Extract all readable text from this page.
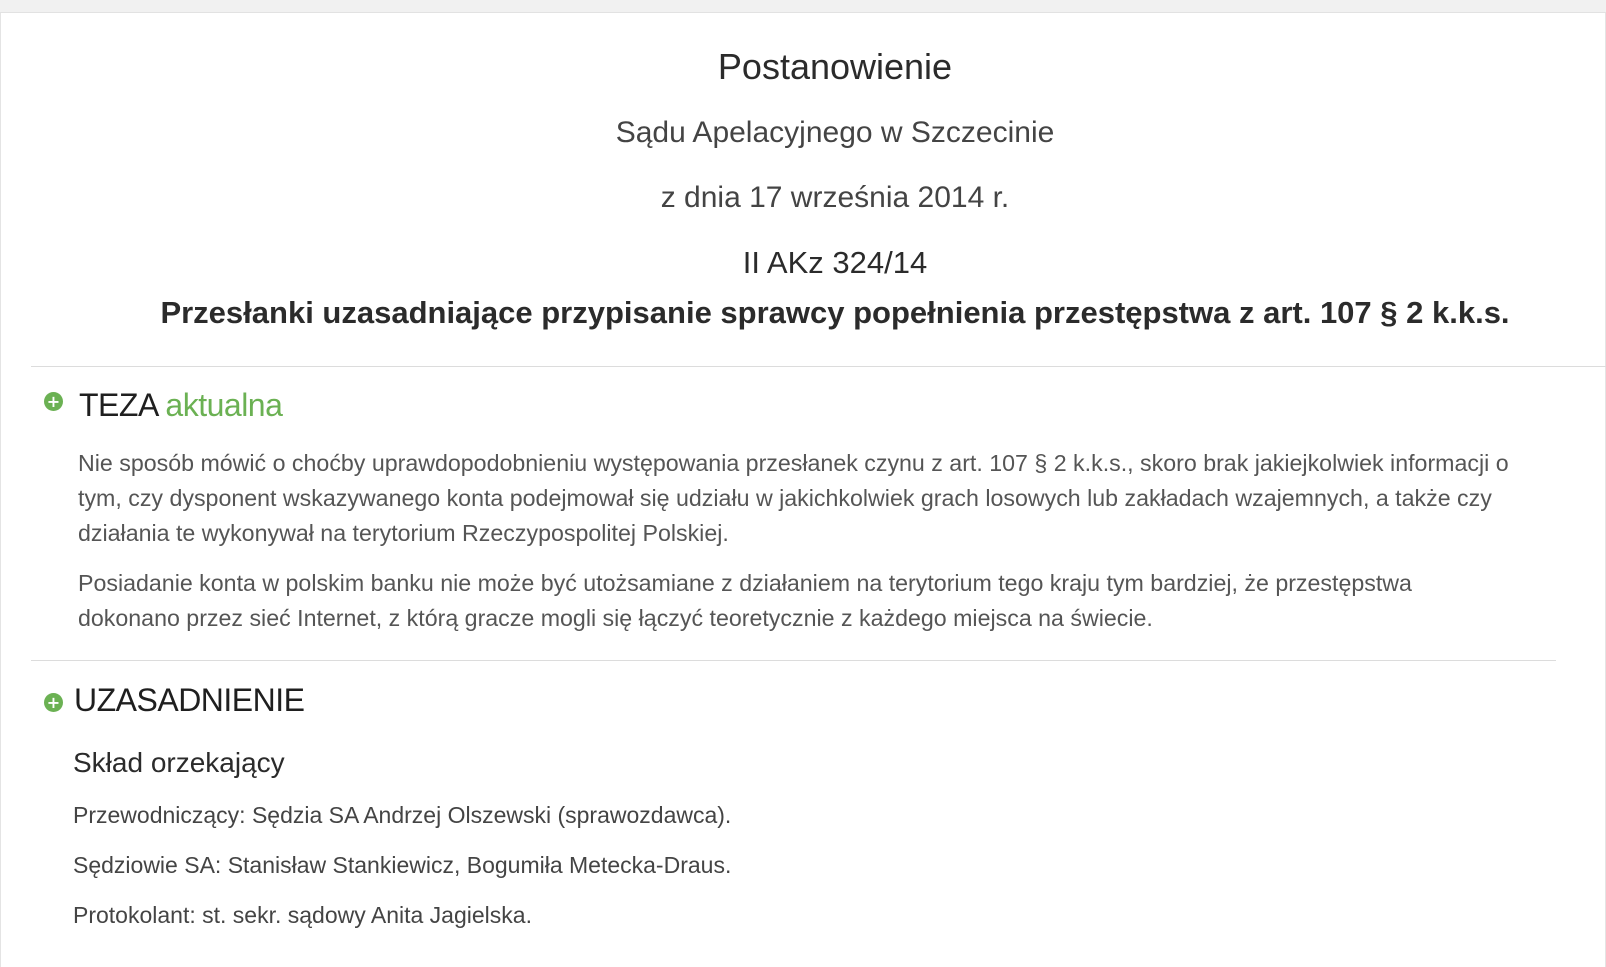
Postanowienie
Sądu Apelacyjnego w Szczecinie
z dnia 17 września 2014 r.
II AKz 324/14
Przesłanki uzasadniające przypisanie sprawcy popełnienia przestępstwa z art. 107 § 2 k.k.s.
+ TEZA aktualna

Nie sposób mówić o choćby uprawdopodobnieniu występowania przesłanek czynu z art. 107 § 2 k.k.s., skoro brak jakiejkolwiek informacji o tym, czy dysponent wskazywanego konta podejmował się udziału w jakichkolwiek grach losowych lub zakładach wzajemnych, a także czy działania te wykonywał na terytorium Rzeczypospolitej Polskiej.

Posiadanie konta w polskim banku nie może być utożsamiane z działaniem na terytorium tego kraju tym bardziej, że przestępstwa dokonano przez sieć Internet, z którą gracze mogli się łączyć teoretycznie z każdego miejsca na świecie.

+ UZASADNIENIE
Skład orzekający
Przewodniczący: Sędzia SA Andrzej Olszewski (sprawozdawca).
Sędziowie SA: Stanisław Stankiewicz, Bogumiła Metecka-Draus.
Protokolant: st. sekr. sądowy Anita Jagielska.
